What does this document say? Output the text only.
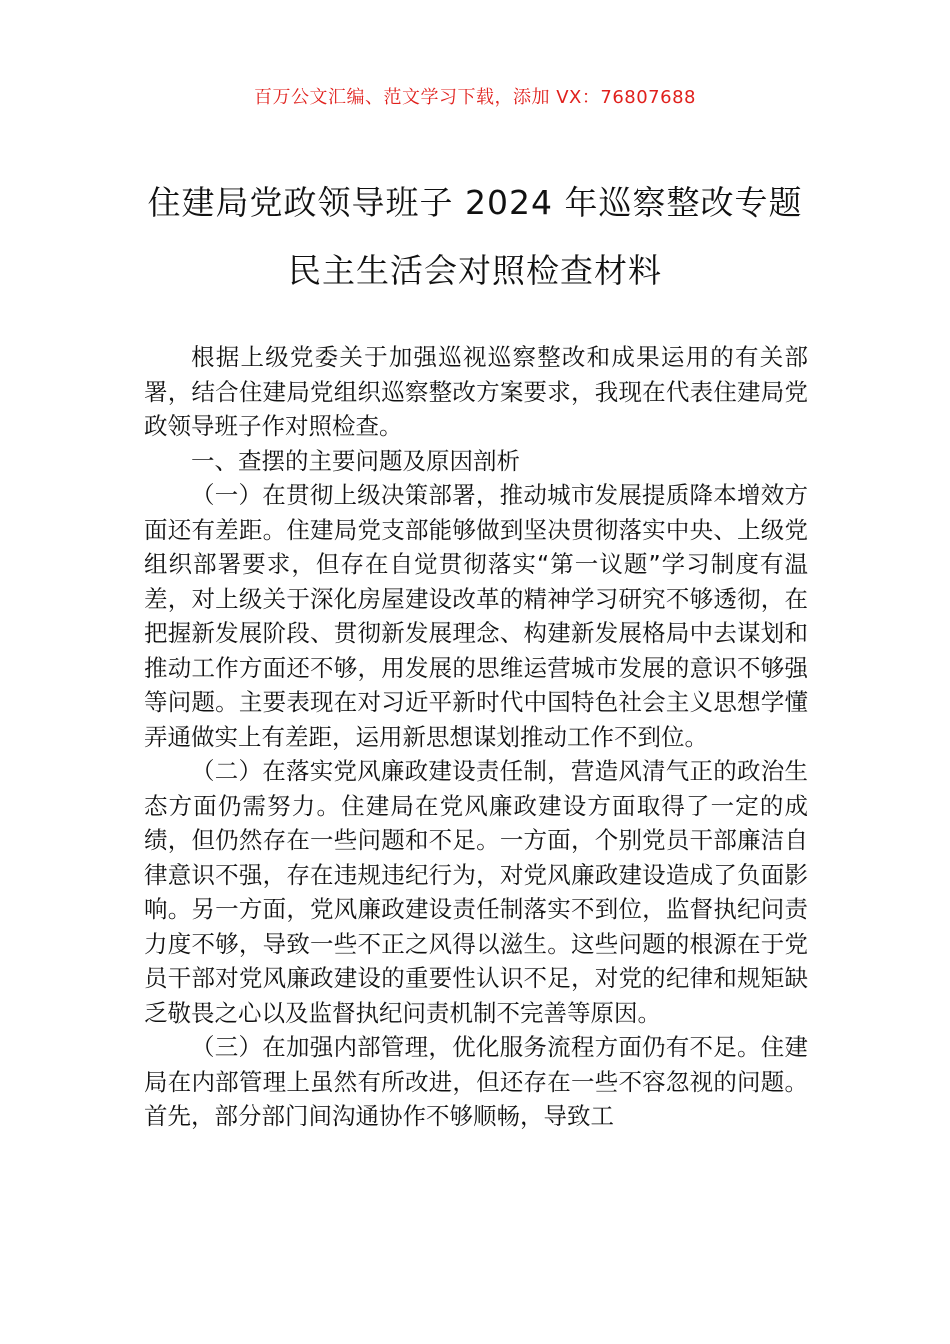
百万公文汇编、范文学习下载，添加 VX：76807688
住建局党政领导班子 2024 年巡察整改专题
民主生活会对照检查材料

根据上级党委关于加强巡视巡察整改和成果运用的有关部署，结合住建局党组织巡察整改方案要求，我现在代表住建局党政领导班子作对照检查。

一、查摆的主要问题及原因剖析

（一）在贯彻上级决策部署，推动城市发展提质降本增效方面还有差距。住建局党支部能够做到坚决贯彻落实中央、上级党组织部署要求，但存在自觉贯彻落实“第一议题”学习制度有温差，对上级关于深化房屋建设改革的精神学习研究不够透彻，在把握新发展阶段、贯彻新发展理念、构建新发展格局中去谋划和推动工作方面还不够，用发展的思维运营城市发展的意识不够强等问题。主要表现在对习近平新时代中国特色社会主义思想学懂弄通做实上有差距，运用新思想谋划推动工作不到位。

（二）在落实党风廉政建设责任制，营造风清气正的政治生态方面仍需努力。住建局在党风廉政建设方面取得了一定的成绩，但仍然存在一些问题和不足。一方面，个别党员干部廉洁自律意识不强，存在违规违纪行为，对党风廉政建设造成了负面影响。另一方面，党风廉政建设责任制落实不到位，监督执纪问责力度不够，导致一些不正之风得以滋生。这些问题的根源在于党员干部对党风廉政建设的重要性认识不足，对党的纪律和规矩缺乏敬畏之心以及监督执纪问责机制不完善等原因。

（三）在加强内部管理，优化服务流程方面仍有不足。住建局在内部管理上虽然有所改进，但还存在一些不容忽视的问题。首先，部分部门间沟通协作不够顺畅，导致工
